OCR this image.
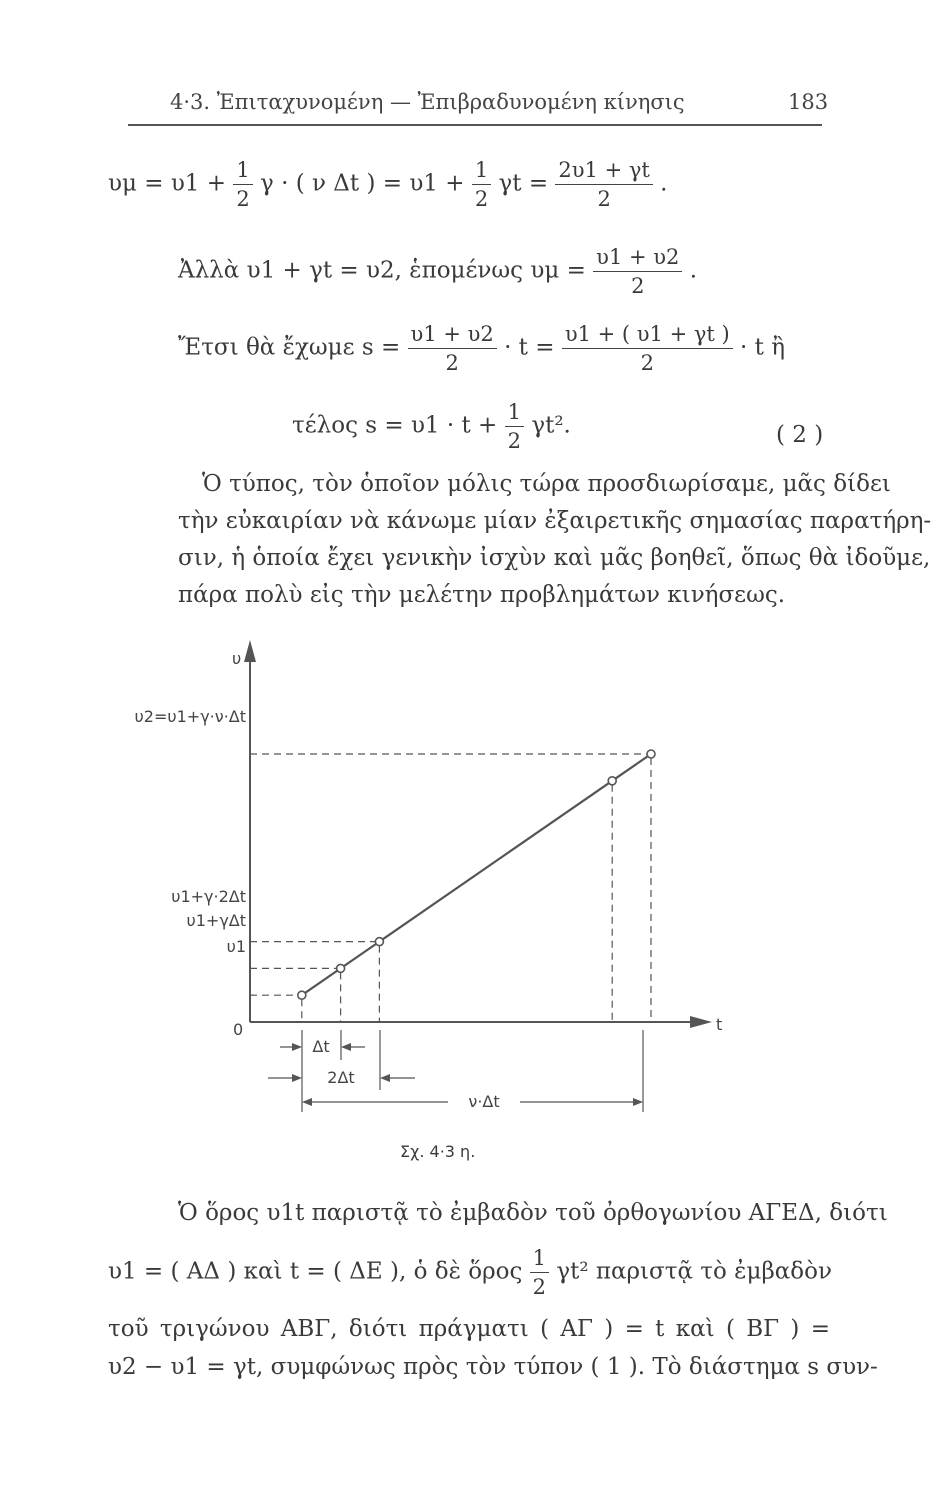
4·3. Ἐπιταχυνομένη — Ἐπιβραδυνομένη κίνησις	183
$\upsilon\mu = \upsilon 1 + \frac{1}{2}$ γ · ( ν Δt ) = $\upsilon 1 + \frac{1}{2}$ $\gamma t = \frac{2\upsilon 1 + \gamma t}{2}$ .
Ἀλλὰ υ1 + γt = υ2, ἑπομένως $\upsilon\mu = \frac{\upsilon 1 + \upsilon 2}{2}$ .
Ἔτσι θὰ ἔχωμε $s = \frac{\upsilon 1 + \upsilon 2}{2} \cdot t = \frac{\upsilon 1 + ( \upsilon 1 + \gamma t )}{2} \cdot t$ ἢ
τέλος $s = \upsilon 1 \cdot t + \frac{1}{2} \gamma t^2$.	( 2 )
Ὁ τύπος, τὸν ὁποῖον μόλις τώρα προσδιωρίσαμε, μᾶς δίδει
τὴν εὐκαιρίαν νὰ κάνωμε μίαν ἐξαιρετικῆς σημασίας παρατήρη-
σιν, ἡ ὁποία ἔχει γενικὴν ἰσχὺν καὶ μᾶς βοηθεῖ, ὅπως θὰ ἰδοῦμε,
πάρα πολὺ εἰς τὴν μελέτην προβλημάτων κινήσεως.
υ
t
0
υ2=υ1+γ·ν·Δt
υ1+γ·2Δt
υ1+γΔt
υ1
Δt
2Δt
ν·Δt
Σχ. 4·3 η.
Ὁ ὅρος υ1t παριστᾷ τὸ ἐμβαδὸν τοῦ ὀρθογωνίου ΑΓΕΔ, διότι
υ1 = ( ΑΔ ) καὶ t = ( ΔΕ ), ὁ δὲ ὅρος $\frac{1}{2} \gamma t^2$ παριστᾷ τὸ ἐμβαδὸν
τοῦ τριγώνου ΑΒΓ, διότι πράγματι ( ΑΓ ) = t καὶ ( ΒΓ ) =
υ2 − υ1 = γt, συμφώνως πρὸς τὸν τύπον ( 1 ). Τὸ διάστημα s συν-
